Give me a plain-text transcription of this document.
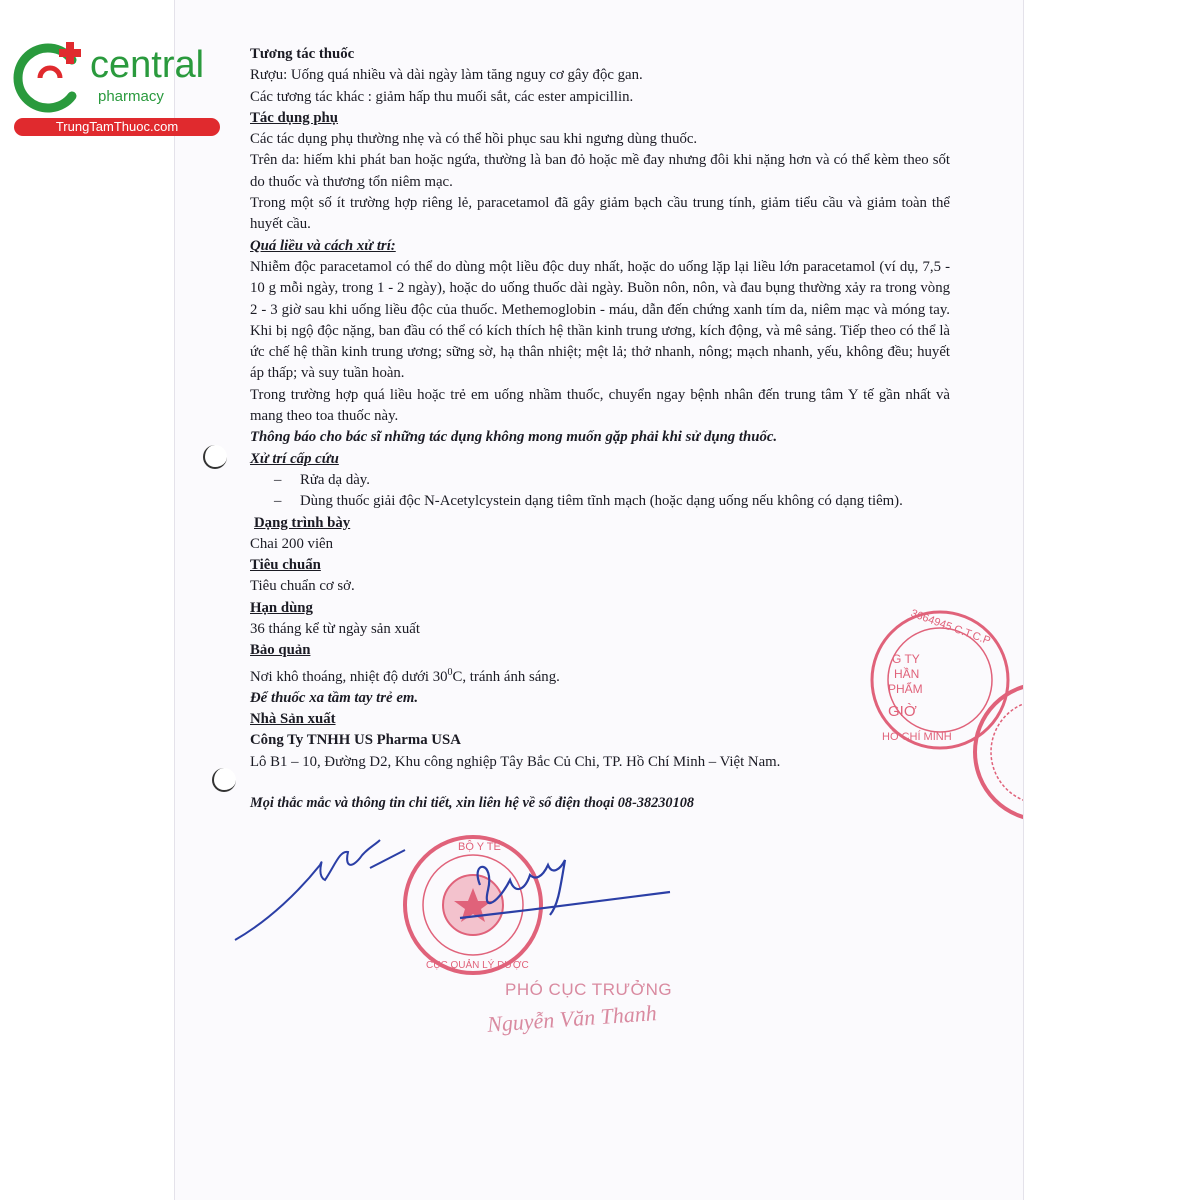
central
pharmacy
TrungTamThuoc.com

Tương tác thuốc

Rượu: Uống quá nhiều và dài ngày làm tăng nguy cơ gây độc gan.

Các tương tác khác : giảm hấp thu muối sắt, các ester ampicillin.

Tác dụng phụ

Các tác dụng phụ thường nhẹ và có thể hồi phục sau khi ngưng dùng thuốc.

Trên da: hiếm khi phát ban hoặc ngứa, thường là ban đỏ hoặc mề đay nhưng đôi khi nặng hơn và có thể kèm theo sốt do thuốc và thương tổn niêm mạc.

Trong một số ít trường hợp riêng lẻ, paracetamol đã gây giảm bạch cầu trung tính, giảm tiểu cầu và giảm toàn thể huyết cầu.

Quá liều và cách xử trí:

Nhiễm độc paracetamol có thể do dùng một liều độc duy nhất, hoặc do uống lặp lại liều lớn paracetamol (ví dụ, 7,5 - 10 g mỗi ngày, trong 1 - 2 ngày), hoặc do uống thuốc dài ngày. Buồn nôn, nôn, và đau bụng thường xảy ra trong vòng 2 - 3 giờ sau khi uống liều độc của thuốc. Methemoglobin - máu, dẫn đến chứng xanh tím da, niêm mạc và móng tay. Khi bị ngộ độc nặng, ban đầu có thể có kích thích hệ thần kinh trung ương, kích động, và mê sảng. Tiếp theo có thể là ức chế hệ thần kinh trung ương; sững sờ, hạ thân nhiệt; mệt lả; thở nhanh, nông; mạch nhanh, yếu, không đều; huyết áp thấp; và suy tuần hoàn.

Trong trường hợp quá liều hoặc trẻ em uống nhầm thuốc, chuyển ngay bệnh nhân đến trung tâm Y tế gần nhất và mang theo toa thuốc này.

Thông báo cho bác sĩ những tác dụng không mong muốn gặp phải khi sử dụng thuốc.

Xử trí cấp cứu

– Rửa dạ dày.

– Dùng thuốc giải độc N-Acetylcystein dạng tiêm tĩnh mạch (hoặc dạng uống nếu không có dạng tiêm).

Dạng trình bày

Chai 200 viên

Tiêu chuẩn

Tiêu chuẩn cơ sở.

Hạn dùng

36 tháng kể từ ngày sản xuất

Bảo quản

Nơi khô thoáng, nhiệt độ dưới $30^0C$, tránh ánh sáng.

Để thuốc xa tầm tay trẻ em.

Nhà Sản xuất

Công Ty TNHH US Pharma USA

Lô B1 – 10, Đường D2, Khu công nghiệp Tây Bắc Củ Chi, TP. Hồ Chí Minh – Việt Nam.

Mọi thắc mắc và thông tin chi tiết, xin liên hệ về số điện thoại 08-38230108

3664945 C.T.C.P
G TY
HẦN
PHẨM
GIỜ
HỒ CHÍ MINH
BỘ Y TẾ
CỤC QUẢN LÝ DƯỢC
PHÓ CỤC TRƯỞNG
Nguyễn Văn Thanh
